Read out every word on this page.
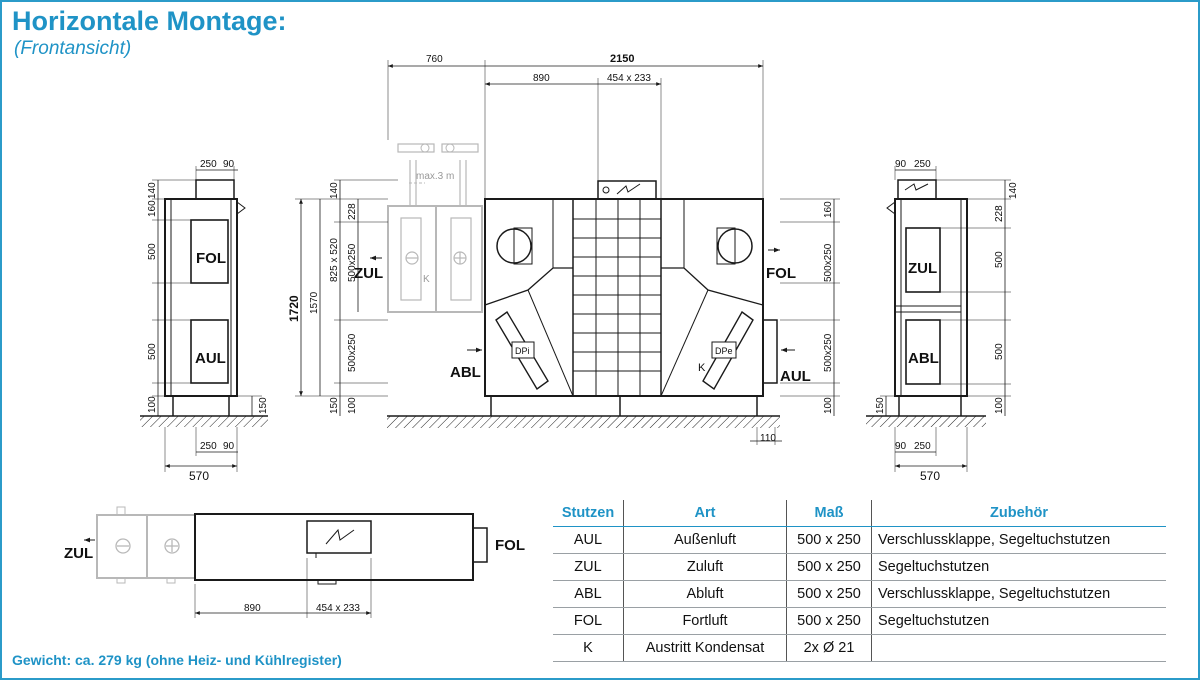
Horizontale Montage:
(Frontansicht)
FOL
AUL
250 90
250 90
570
140
160
500
500
100	150
760	2150
890	454 x 233
1720 1570
825 x 520
140
228
500x250
500x250
150 100
ZUL
ABL
FOL
AUL
DPi	DPe
K
K
max.3 m
160
500x250
500x250
100
110
90 250
90 250
570
ZUL
ABL
140
228
500
500
100
150
ZUL	FOL
890	454 x 233
Stutzen	Art	Maß	Zubehör
AUL	Außenluft	500 x 250	Verschlussklappe, Segeltuchstutzen
ZUL	Zuluft	500 x 250	Segeltuchstutzen
ABL	Abluft	500 x 250	Verschlussklappe, Segeltuchstutzen
FOL	Fortluft	500 x 250	Segeltuchstutzen
K	Austritt Kondensat	2x Ø 21	
Gewicht: ca. 279 kg (ohne Heiz- und Kühlregister)
